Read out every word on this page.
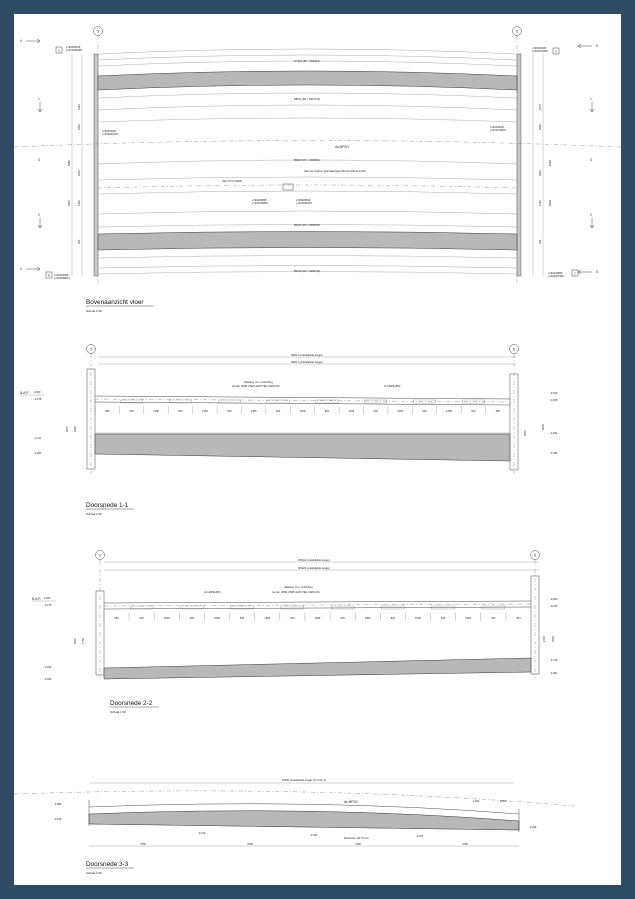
5	6
4
4
5
5
1	1
2	2
3	3
A
B
C
D
x=99435195 y=464391825
x=99436406 y=464310905
x=99435461 y=464299135
x=99440957 y=464379610
x=99434399 y=464299521
x=99440882 y=464307982
x=99435958 y=464349891
x=99439540 y=464349233
R7162 (Rh = 206623)
R8811 (Rh = 2915762)
As MFSO
R5000 (Rh = 3008001)
Hek A PVC Ø200
Hek put conform Standaardetail SD-OG-KW-ALG-001
R5222 (Rh = 3058223)
R5218 (Rh = 3056723)
2225
2900
8069
3050
1450
4625
495
2275
2900
8108
3050
1450	4628
495
Bovenaanzicht vloer
Schaal 1:50
5	6
R8017 (ontwikkelde lengte)
R8017 (ontwikkelde lengte)
N.A.P. 0.000
-0.275
-2.417
-3.281
-0.020
-0.295
-2.934
-3.395
Aftasting t.b.v. verlichting
zie tek. 30SP-ZSR5-2220-TEK-VWM-001	2x HDPE Ø50
482	620	1455	620	1455	620	1455	620	1455	620	1455	620	1455	620	1455	620	482
2675	2205
2655
2659
Doorsnede 1-1
Schaal 1:50
6	5
R5242 (ontwikkelde lengte)
R5222 (ontwikkelde lengte)
N.A.P. 0.000
-0.275
-3.033
-3.409
-0.000
-0.275
-2.730
-3.281
Aftasting t.b.v. verlichting
zie tek. 30SP-ZSR5-2220-TEK-VWM-001
2x HDPE Ø50
954	620	1505	620	1505	620	1505	620	1505	620	1505	620	1505	620	1505	620	954
3035	2758	2730	2553
Doorsnede 2-2
Schaal 1:50
15000 (ontwikkelde lengte, R=∞/22 m)
As MFSO
-2.889
-3.195
-2.933	-2.929
-3.409
-3.143
-3.332	-3.407
Werkvloer, dik 75 mm
4750	4750	4750	4750
Doorsnede 3-3
Schaal 1:50
